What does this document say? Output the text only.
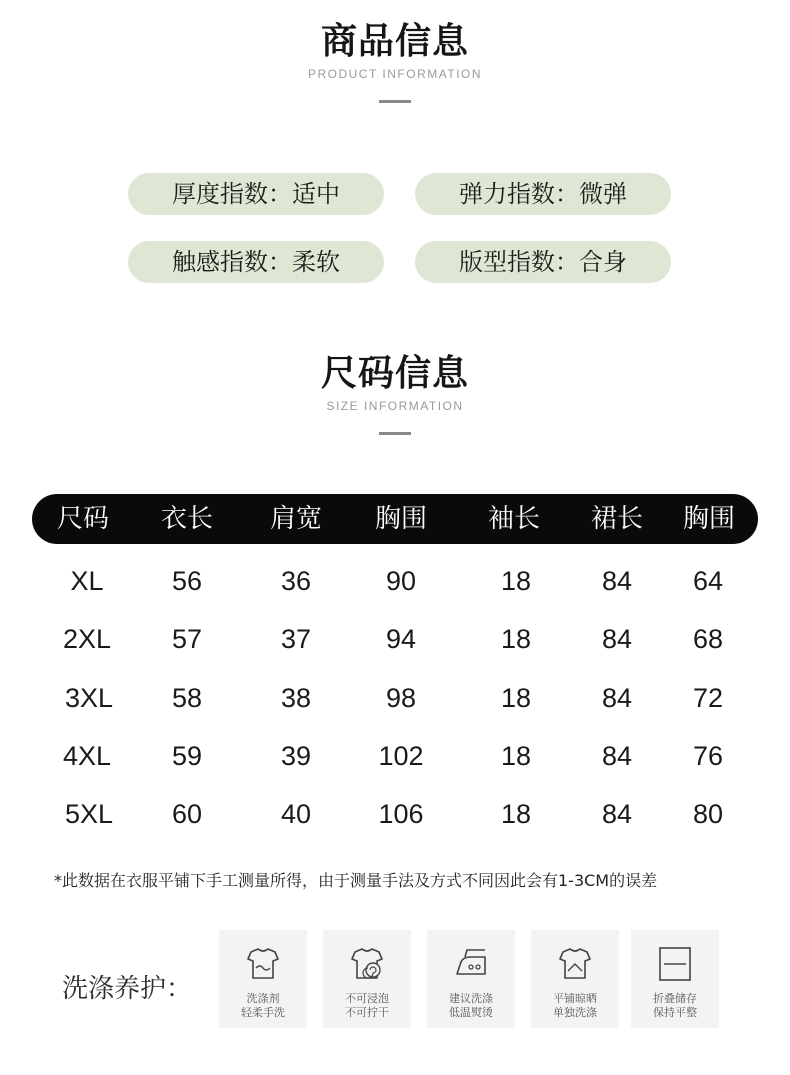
商品信息
PRODUCT INFORMATION
厚度指数：适中	弹力指数：微弹
触感指数：柔软	版型指数：合身
尺码信息
SIZE INFORMATION
尺码 衣长 肩宽 胸围 袖长 裙长 胸围
XL	56	36	90	18	84 64
2XL 57	37	94	18	84 68
3XL 58	38	98	18	84 72
4XL 59	39 102	18	84 76
5XL 60	40 106	18	84 80
*此数据在衣服平铺下手工测量所得，由于测量手法及方式不同因此会有1-3CM的误差
洗涤养护：	洗涤剂
轻柔手洗
不可浸泡
不可拧干
建议洗涤
低温熨烫
平铺晾晒
单独洗涤
折叠储存
保持平整
